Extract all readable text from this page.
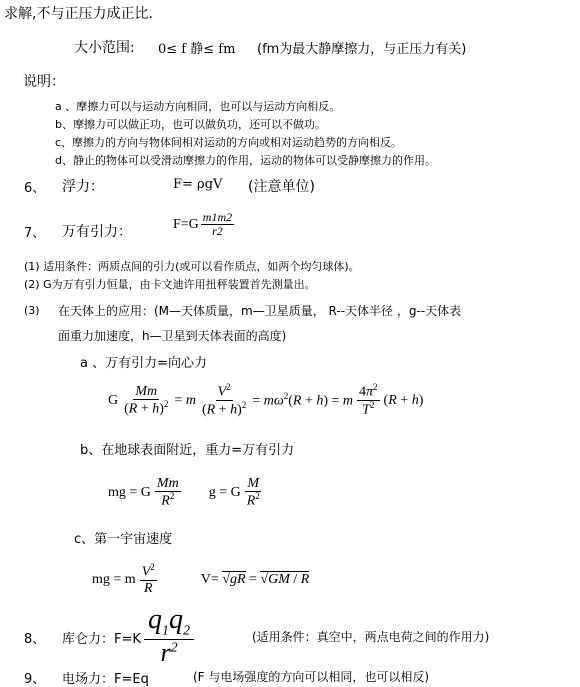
求解,不与正压力成正比.
大小范围: 0≤ f 静≤ fm (fm为最大静摩擦力，与正压力有关)
说明：
a 、摩擦力可以与运动方向相同，也可以与运动方向相反。
b、摩擦力可以做正功，也可以做负功，还可以不做功。
c、摩擦力的方向与物体间相对运动的方向或相对运动趋势的方向相反。
d、静止的物体可以受滑动摩擦力的作用，运动的物体可以受静摩擦力的作用。
6、 浮力：	F= ρgV (注意单位)
7、 万有引力：	$F=G \frac{m1m2}{r2}$
(1) 适用条件：两质点间的引力(或可以看作质点，如两个均匀球体)。
(2) G为万有引力恒量，由卡文迪许用扭秤装置首先测量出。
(3) 在天体上的应用：(M—天体质量，m—卫星质量， R--天体半径 ，g--天体表
面重力加速度，h—卫星到天体表面的高度)
a 、万有引力=向心力
G $\frac{Mm}{(R + h)^2} = m \frac{V^2}{(R + h)^2} = m\omega^2(R + h) = m \frac{4\pi^2}{T^2} (R + h)$
b、在地球表面附近，重力=万有引力
mg = G $\frac{Mm}{R^2}$ g = G $\frac{M}{R^2}$
c、第一宇宙速度
mg = m $\frac{V^2}{R}$	V= √gR = √GM / R
8、 库仑力：F=K
$q_1q_2$
$r^2$
(适用条件：真空中，两点电荷之间的作用力)
9、 电场力：F=Eq	(F 与电场强度的方向可以相同，也可以相反)
